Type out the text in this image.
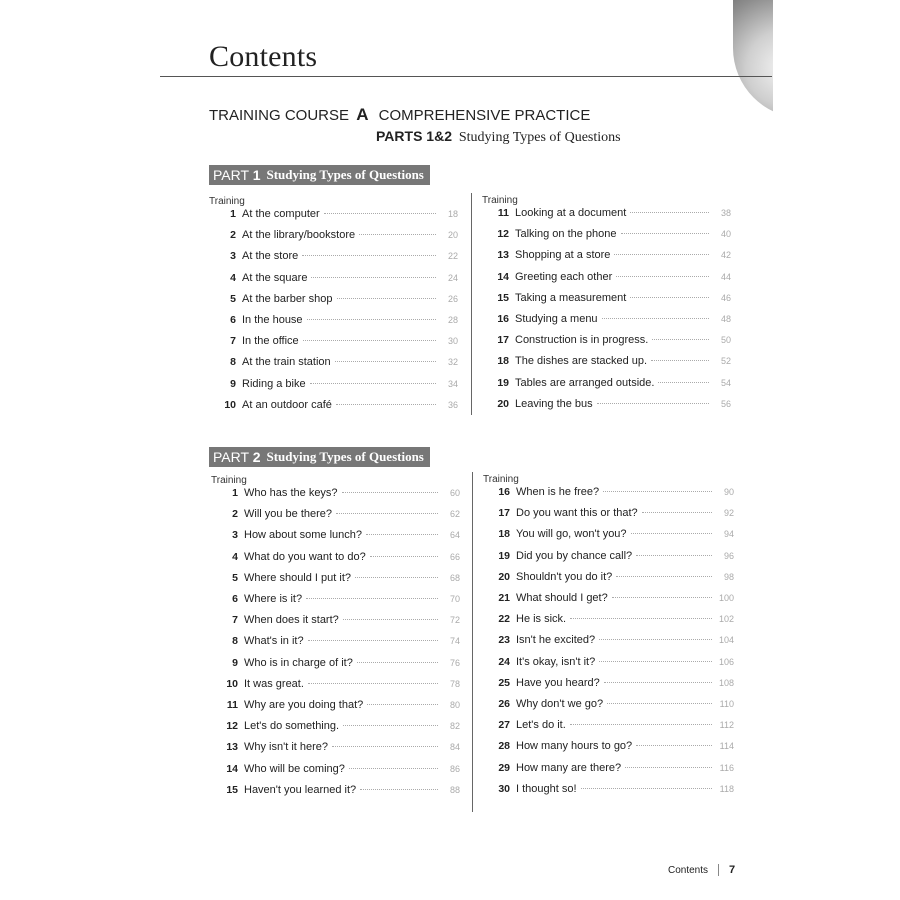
Contents
TRAINING COURSE A COMPREHENSIVE PRACTICE
PARTS 1&2 Studying Types of Questions
PART 1 Studying Types of Questions
Training	Training
1 At the computer	18
2 At the library/bookstore	20
3 At the store	22
4 At the square	24
5 At the barber shop	26
6 In the house	28
7 In the office	30
8 At the train station	32
9 Riding a bike	34
10 At an outdoor café	36
11 Looking at a document	38
12 Talking on the phone	40
13 Shopping at a store	42
14 Greeting each other	44
15 Taking a measurement	46
16 Studying a menu	48
17 Construction is in progress.	50
18 The dishes are stacked up.	52
19 Tables are arranged outside.	54
20 Leaving the bus	56
PART 2 Studying Types of Questions
Training	Training
1 Who has the keys?	60
2 Will you be there?	62
3 How about some lunch?	64
4 What do you want to do?	66
5 Where should I put it?	68
6 Where is it?	70
7 When does it start?	72
8 What's in it?	74
9 Who is in charge of it?	76
10 It was great.	78
11 Why are you doing that?	80
12 Let's do something.	82
13 Why isn't it here?	84
14 Who will be coming?	86
15 Haven't you learned it?	88
16 When is he free?	90
17 Do you want this or that?	92
18 You will go, won't you?	94
19 Did you by chance call?	96
20 Shouldn't you do it?	98
21 What should I get?	100
22 He is sick.	102
23 Isn't he excited?	104
24 It's okay, isn't it?	106
25 Have you heard?	108
26 Why don't we go?	110
27 Let's do it.	112
28 How many hours to go?	114
29 How many are there?	116
30 I thought so!	118
Contents 7
